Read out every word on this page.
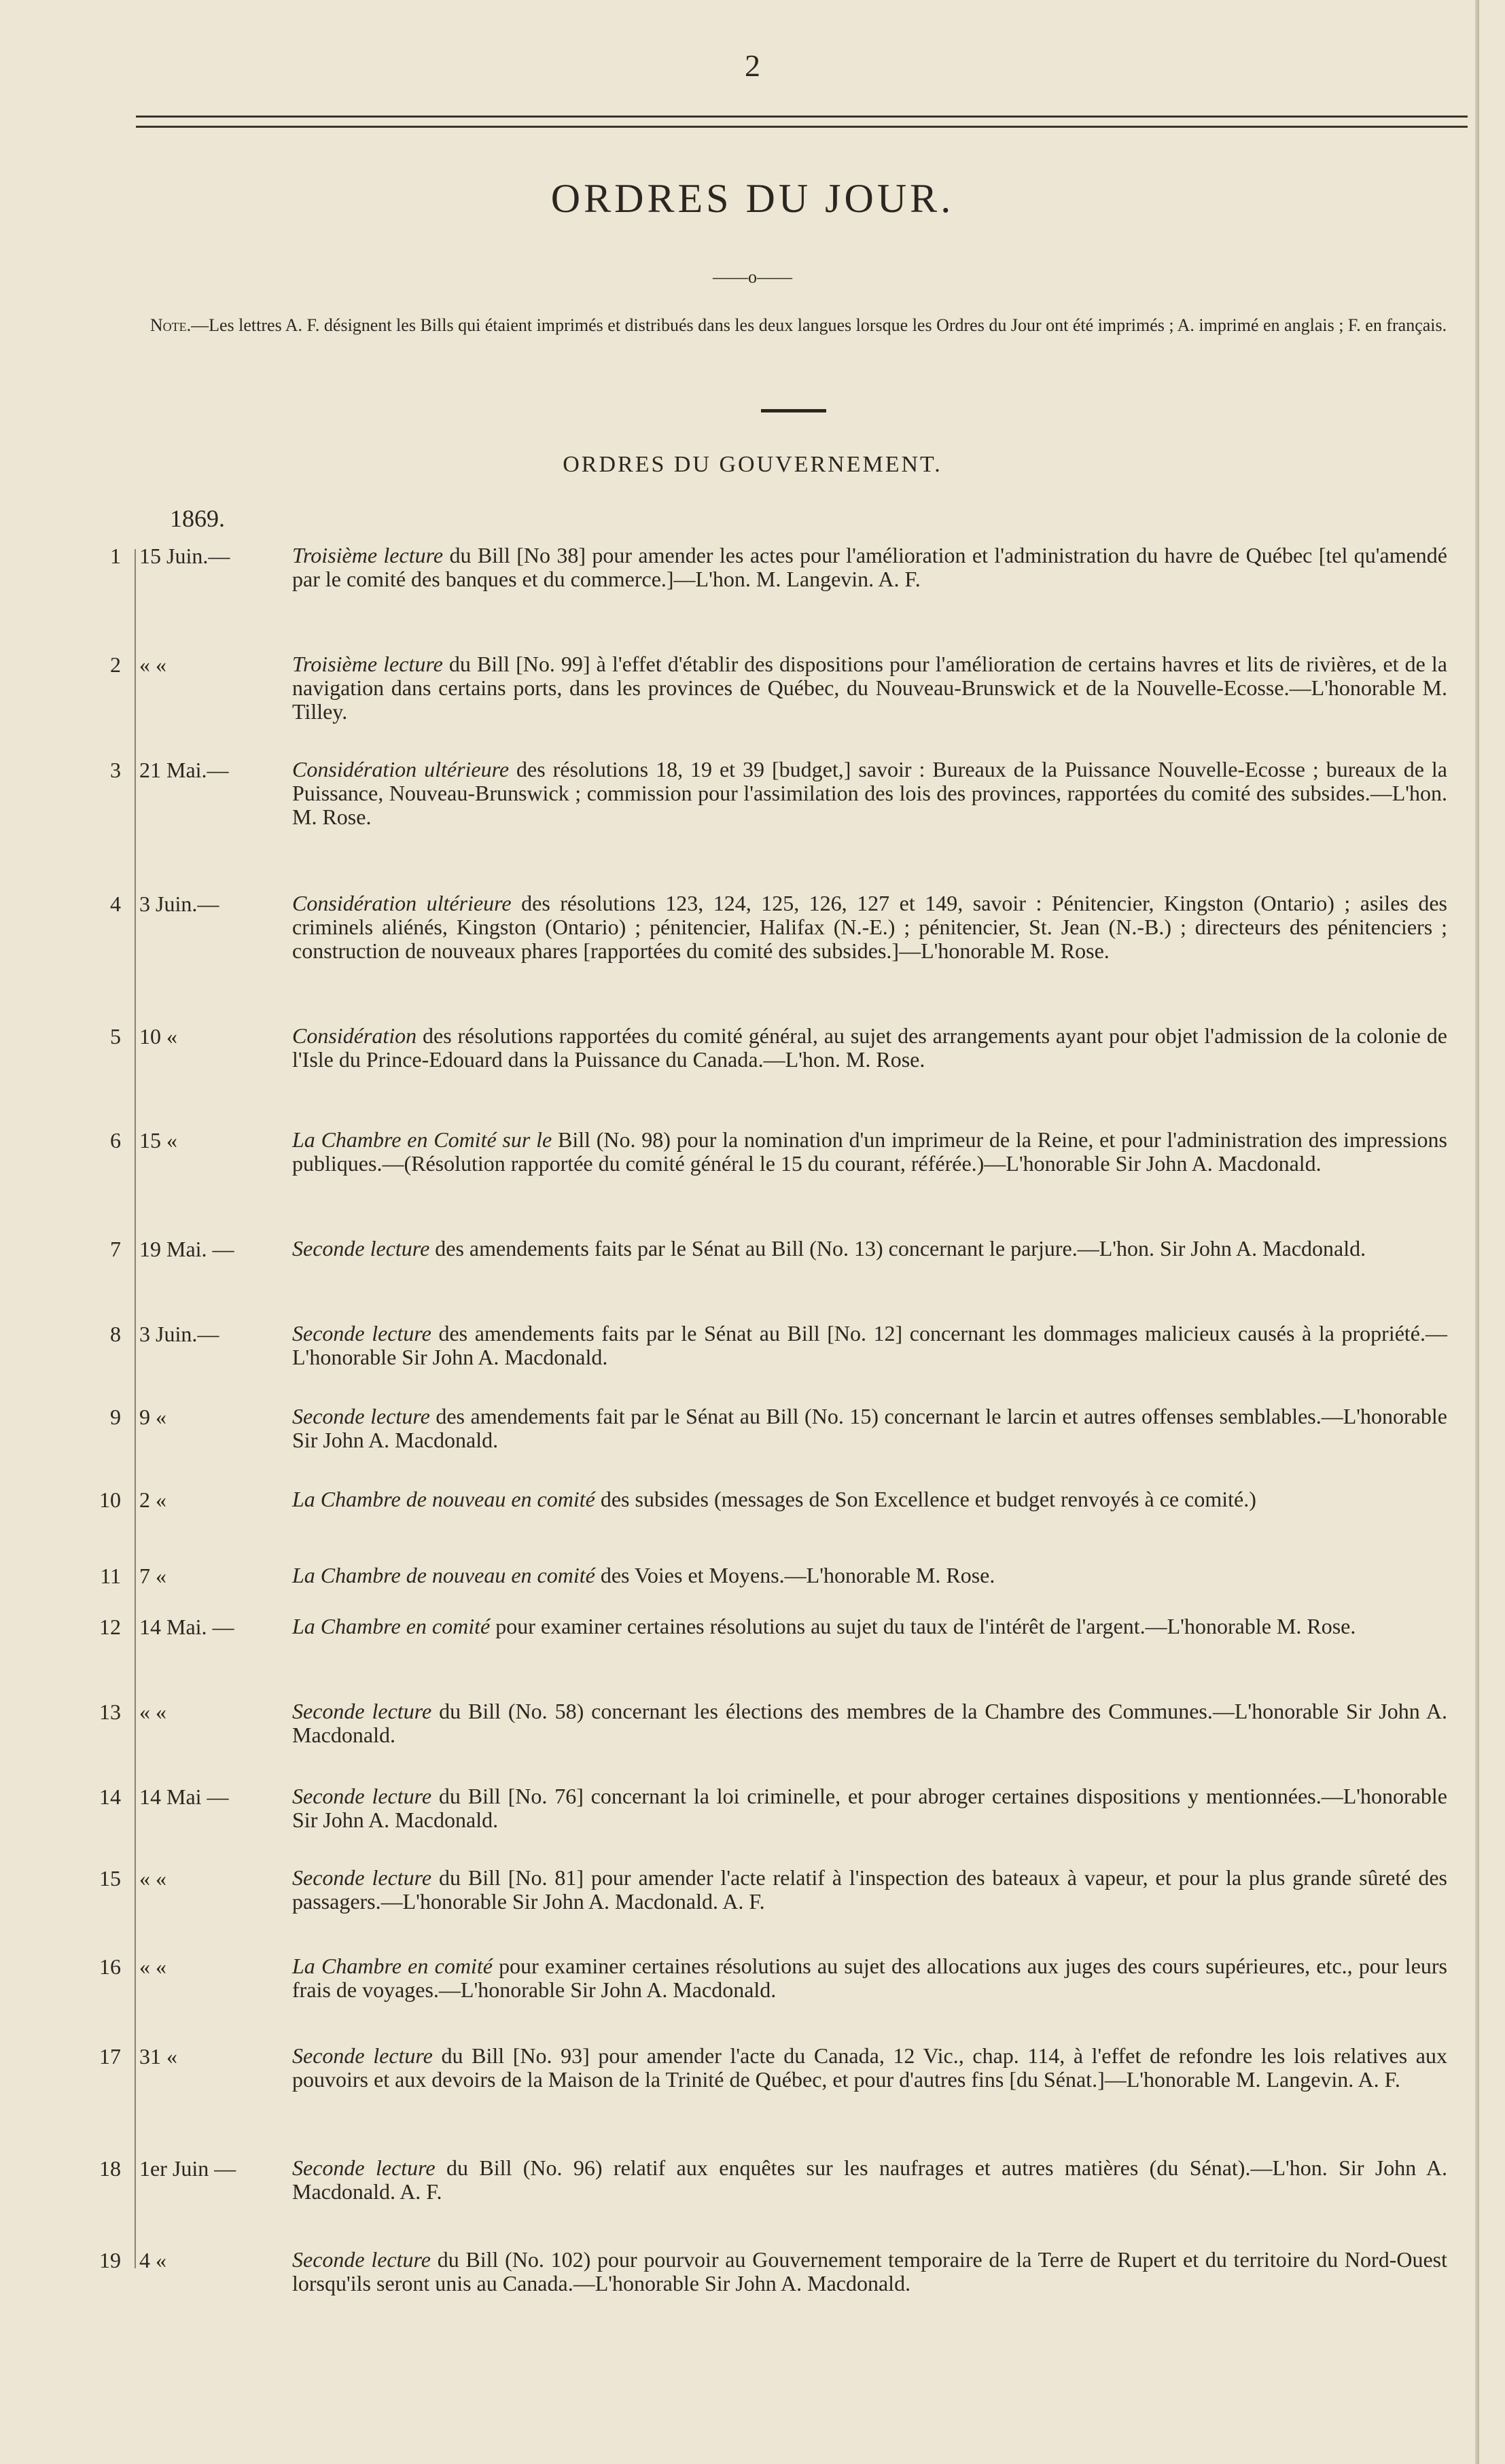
2
ORDRES DU JOUR.
——o——
Note.—Les lettres A. F. désignent les Bills qui étaient imprimés et distribués dans les deux langues lorsque les Ordres du Jour ont été imprimés ; A. imprimé en anglais ; F. en français.
ORDRES DU GOUVERNEMENT.
1869.
1 15 Juin.—	Troisième lecture du Bill [No 38] pour amender les actes pour l'amélioration et l'administration du havre de Québec [tel qu'amendé par le comité des banques et du commerce.]—L'hon. M. Langevin. A. F.
2 « «	Troisième lecture du Bill [No. 99] à l'effet d'établir des dispositions pour l'amélioration de certains havres et lits de rivières, et de la navigation dans certains ports, dans les provinces de Québec, du Nouveau-Brunswick et de la Nouvelle-Ecosse.—L'honorable M. Tilley.
3 21 Mai.—	Considération ultérieure des résolutions 18, 19 et 39 [budget,] savoir : Bureaux de la Puissance Nouvelle-Ecosse ; bureaux de la Puissance, Nouveau-Brunswick ; commission pour l'assimilation des lois des provinces, rapportées du comité des subsides.—L'hon. M. Rose.
4 3 Juin.—	Considération ultérieure des résolutions 123, 124, 125, 126, 127 et 149, savoir : Pénitencier, Kingston (Ontario) ; asiles des criminels aliénés, Kingston (Ontario) ; pénitencier, Halifax (N.-E.) ; pénitencier, St. Jean (N.-B.) ; directeurs des pénitenciers ; construction de nouveaux phares [rapportées du comité des subsides.]—L'honorable M. Rose.
5 10 «	Considération des résolutions rapportées du comité général, au sujet des arrangements ayant pour objet l'admission de la colonie de l'Isle du Prince-Edouard dans la Puissance du Canada.—L'hon. M. Rose.
6 15 «	La Chambre en Comité sur le Bill (No. 98) pour la nomination d'un imprimeur de la Reine, et pour l'administration des impressions publiques.—(Résolution rapportée du comité général le 15 du courant, référée.)—L'honorable Sir John A. Macdonald.
7 19 Mai. —	Seconde lecture des amendements faits par le Sénat au Bill (No. 13) concernant le parjure.—L'hon. Sir John A. Macdonald.
8 3 Juin.—	Seconde lecture des amendements faits par le Sénat au Bill [No. 12] concernant les dommages malicieux causés à la propriété.—L'honorable Sir John A. Macdonald.
9 9 «	Seconde lecture des amendements fait par le Sénat au Bill (No. 15) concernant le larcin et autres offenses semblables.—L'honorable Sir John A. Macdonald.
10 2 «	La Chambre de nouveau en comité des subsides (messages de Son Excellence et budget renvoyés à ce comité.)
11 7 «	La Chambre de nouveau en comité des Voies et Moyens.—L'honorable M. Rose.
12 14 Mai. —	La Chambre en comité pour examiner certaines résolutions au sujet du taux de l'intérêt de l'argent.—L'honorable M. Rose.
13 « «	Seconde lecture du Bill (No. 58) concernant les élections des membres de la Chambre des Communes.—L'honorable Sir John A. Macdonald.
14 14 Mai —	Seconde lecture du Bill [No. 76] concernant la loi criminelle, et pour abroger certaines dispositions y mentionnées.—L'honorable Sir John A. Macdonald.
15 « «	Seconde lecture du Bill [No. 81] pour amender l'acte relatif à l'inspection des bateaux à vapeur, et pour la plus grande sûreté des passagers.—L'honorable Sir John A. Macdonald. A. F.
16 « «	La Chambre en comité pour examiner certaines résolutions au sujet des allocations aux juges des cours supérieures, etc., pour leurs frais de voyages.—L'honorable Sir John A. Macdonald.
17 31 «	Seconde lecture du Bill [No. 93] pour amender l'acte du Canada, 12 Vic., chap. 114, à l'effet de refondre les lois relatives aux pouvoirs et aux devoirs de la Maison de la Trinité de Québec, et pour d'autres fins [du Sénat.]—L'honorable M. Langevin. A. F.
18 1er Juin —	Seconde lecture du Bill (No. 96) relatif aux enquêtes sur les naufrages et autres matières (du Sénat).—L'hon. Sir John A. Macdonald. A. F.
19 4 «	Seconde lecture du Bill (No. 102) pour pourvoir au Gouvernement temporaire de la Terre de Rupert et du territoire du Nord-Ouest lorsqu'ils seront unis au Canada.—L'honorable Sir John A. Macdonald.
